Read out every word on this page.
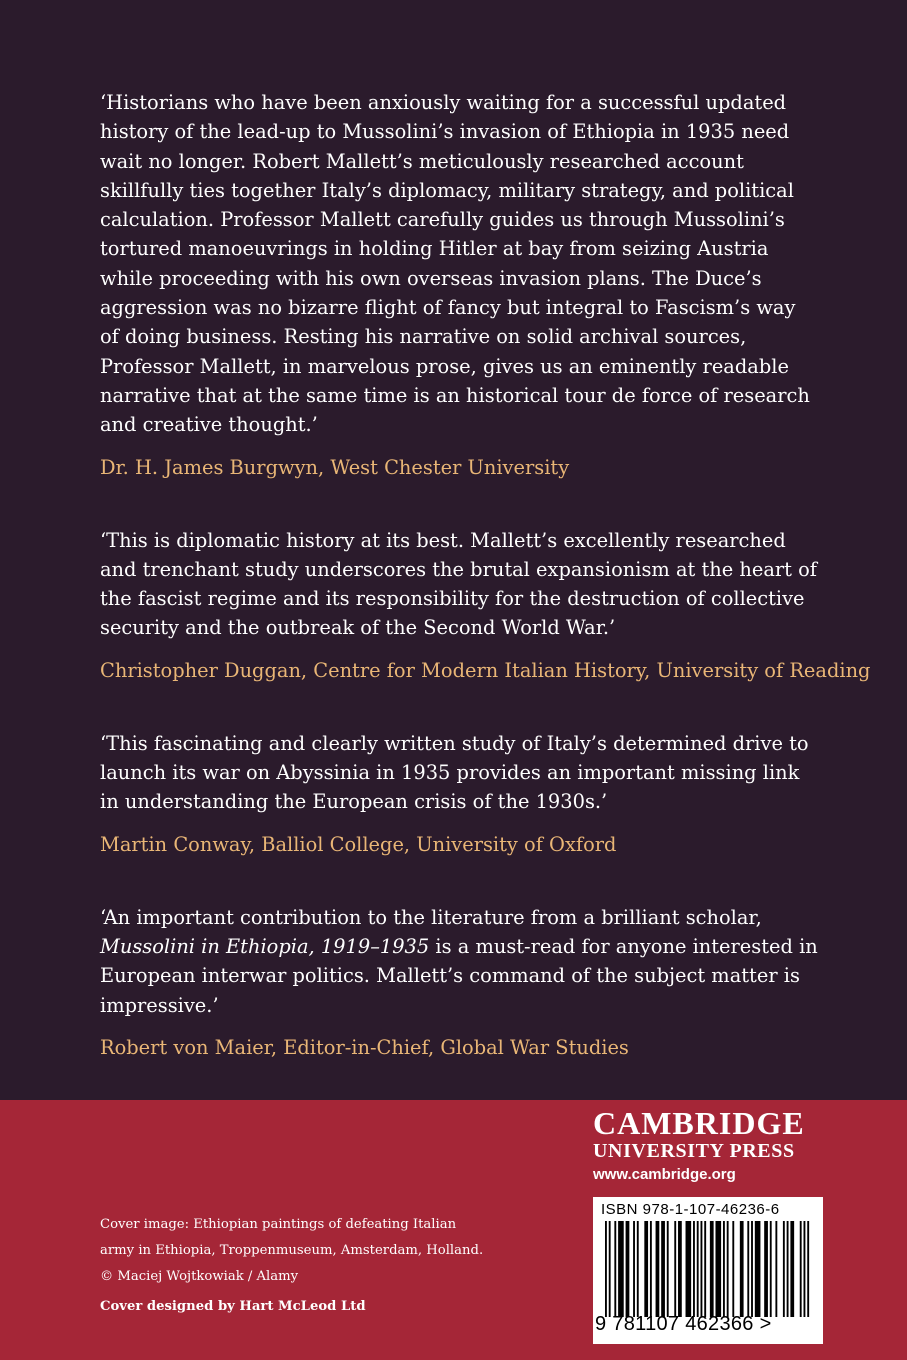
‘Historians who have been anxiously waiting for a successful updated history of the lead-up to Mussolini’s invasion of Ethiopia in 1935 need wait no longer. Robert Mallett’s meticulously researched account skillfully ties together Italy’s diplomacy, military strategy, and political calculation. Professor Mallett carefully guides us through Mussolini’s tortured manoeuvrings in holding Hitler at bay from seizing Austria while proceeding with his own overseas invasion plans. The Duce’s aggression was no bizarre flight of fancy but integral to Fascism’s way of doing business. Resting his narrative on solid archival sources, Professor Mallett, in marvelous prose, gives us an eminently readable narrative that at the same time is an historical tour de force of research and creative thought.’

Dr. H. James Burgwyn, West Chester University

‘This is diplomatic history at its best. Mallett’s excellently researched and trenchant study underscores the brutal expansionism at the heart of the fascist regime and its responsibility for the destruction of collective security and the outbreak of the Second World War.’

Christopher Duggan, Centre for Modern Italian History, University of Reading

‘This fascinating and clearly written study of Italy’s determined drive to launch its war on Abyssinia in 1935 provides an important missing link in understanding the European crisis of the 1930s.’

Martin Conway, Balliol College, University of Oxford

‘An important contribution to the literature from a brilliant scholar, Mussolini in Ethiopia, 1919–1935 is a must-read for anyone interested in European interwar politics. Mallett’s command of the subject matter is impressive.’

Robert von Maier, Editor-in-Chief, Global War Studies

CAMBRIDGE
UNIVERSITY PRESS
www.cambridge.org
ISBN 978-1-107-46236-6
9 781107 462366 >
Cover image: Ethiopian paintings of defeating Italian
army in Ethiopia, Troppenmuseum, Amsterdam, Holland.
© Maciej Wojtkowiak / Alamy
Cover designed by Hart McLeod Ltd
